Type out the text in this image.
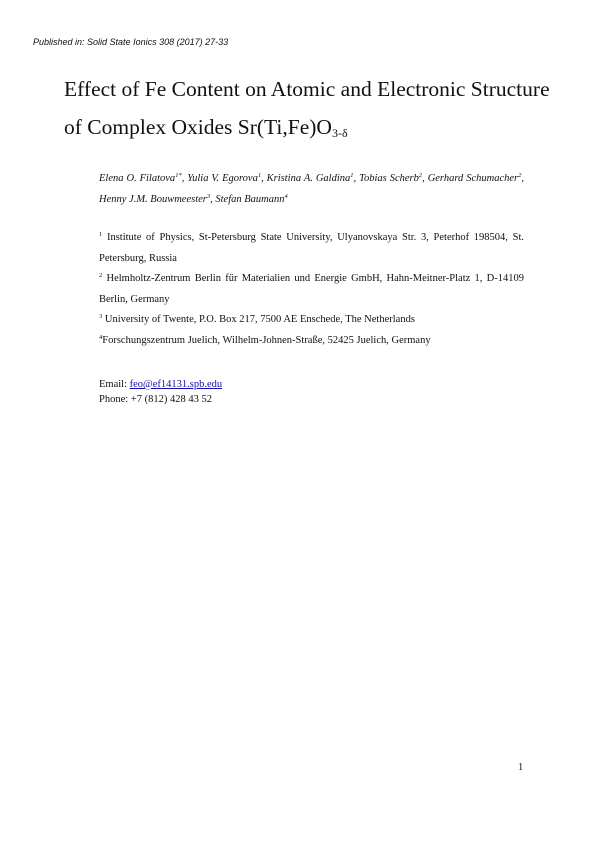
Published in: Solid State Ionics 308 (2017) 27-33
Effect of Fe Content on Atomic and Electronic Structure
of Complex Oxides $Sr(Ti,Fe)O_{3-\delta}$
Elena O. Filatova$^{1*}$, Yulia V. Egorova$^1$, Kristina A. Galdina$^1$, Tobias Scherb$^2$, Gerhard Schumacher$^2$, Henny J.M. Bouwmeester$^3$, Stefan Baumann$^4$
$^1$ Institute of Physics, St-Petersburg State University, Ulyanovskaya Str. 3, Peterhof 198504, St. Petersburg, Russia
$^2$ Helmholtz-Zentrum Berlin für Materialien und Energie GmbH, Hahn-Meitner-Platz 1, D-14109 Berlin, Germany
$^3$ University of Twente, P.O. Box 217, 7500 AE Enschede, The Netherlands
$^4$Forschungszentrum Juelich, Wilhelm-Johnen-Straße, 52425 Juelich, Germany
Email: feo@ef14131.spb.edu
Phone: +7 (812) 428 43 52
1
